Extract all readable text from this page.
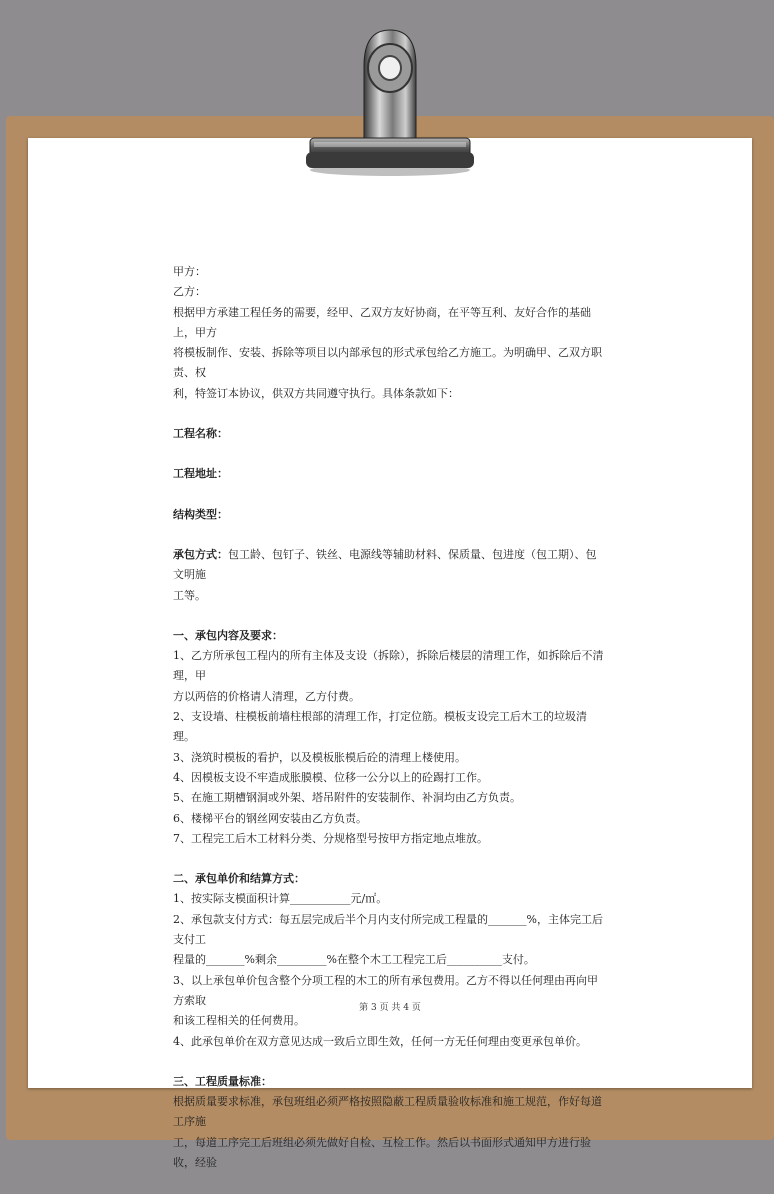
甲方：

乙方：

根据甲方承建工程任务的需要，经甲、乙双方友好协商，在平等互利、友好合作的基础上，甲方

将模板制作、安装、拆除等项目以内部承包的形式承包给乙方施工。为明确甲、乙双方职责、权

利，特签订本协议，供双方共同遵守执行。具体条款如下：

工程名称：

工程地址：

结构类型：

承包方式：包工龄、包钉子、铁丝、电源线等辅助材料、保质量、包进度（包工期）、包文明施

工等。

一、承包内容及要求：

1、乙方所承包工程内的所有主体及支设（拆除），拆除后楼层的清理工作，如拆除后不清理，甲

方以两倍的价格请人清理，乙方付费。

2、支设墙、柱模板前墙柱根部的清理工作，打定位筋。模板支设完工后木工的垃圾清理。

3、浇筑时模板的看护，以及模板胀模后砼的清理上楼使用。

4、因模板支设不牢造成胀膜模、位移一公分以上的砼踢打工作。

5、在施工期槽钢洞或外架、塔吊附件的安装制作、补洞均由乙方负责。

6、楼梯平台的钢丝网安装由乙方负责。

7、工程完工后木工材料分类、分规格型号按甲方指定地点堆放。

二、承包单价和结算方式：

1、按实际支模面积计算___________元/㎡。

2、承包款支付方式：每五层完成后半个月内支付所完成工程量的_______%，主体完工后支付工

程量的_______%剩余_________%在整个木工工程完工后__________支付。

3、以上承包单价包含整个分项工程的木工的所有承包费用。乙方不得以任何理由再向甲方索取

和该工程相关的任何费用。

4、此承包单价在双方意见达成一致后立即生效，任何一方无任何理由变更承包单价。

三、工程质量标准：

根据质量要求标准，承包班组必须严格按照隐蔽工程质量验收标准和施工规范，作好每道工序施

工，每道工序完工后班组必须先做好自检、互检工作。然后以书面形式通知甲方进行验收，经验

第 3 页 共 4 页
